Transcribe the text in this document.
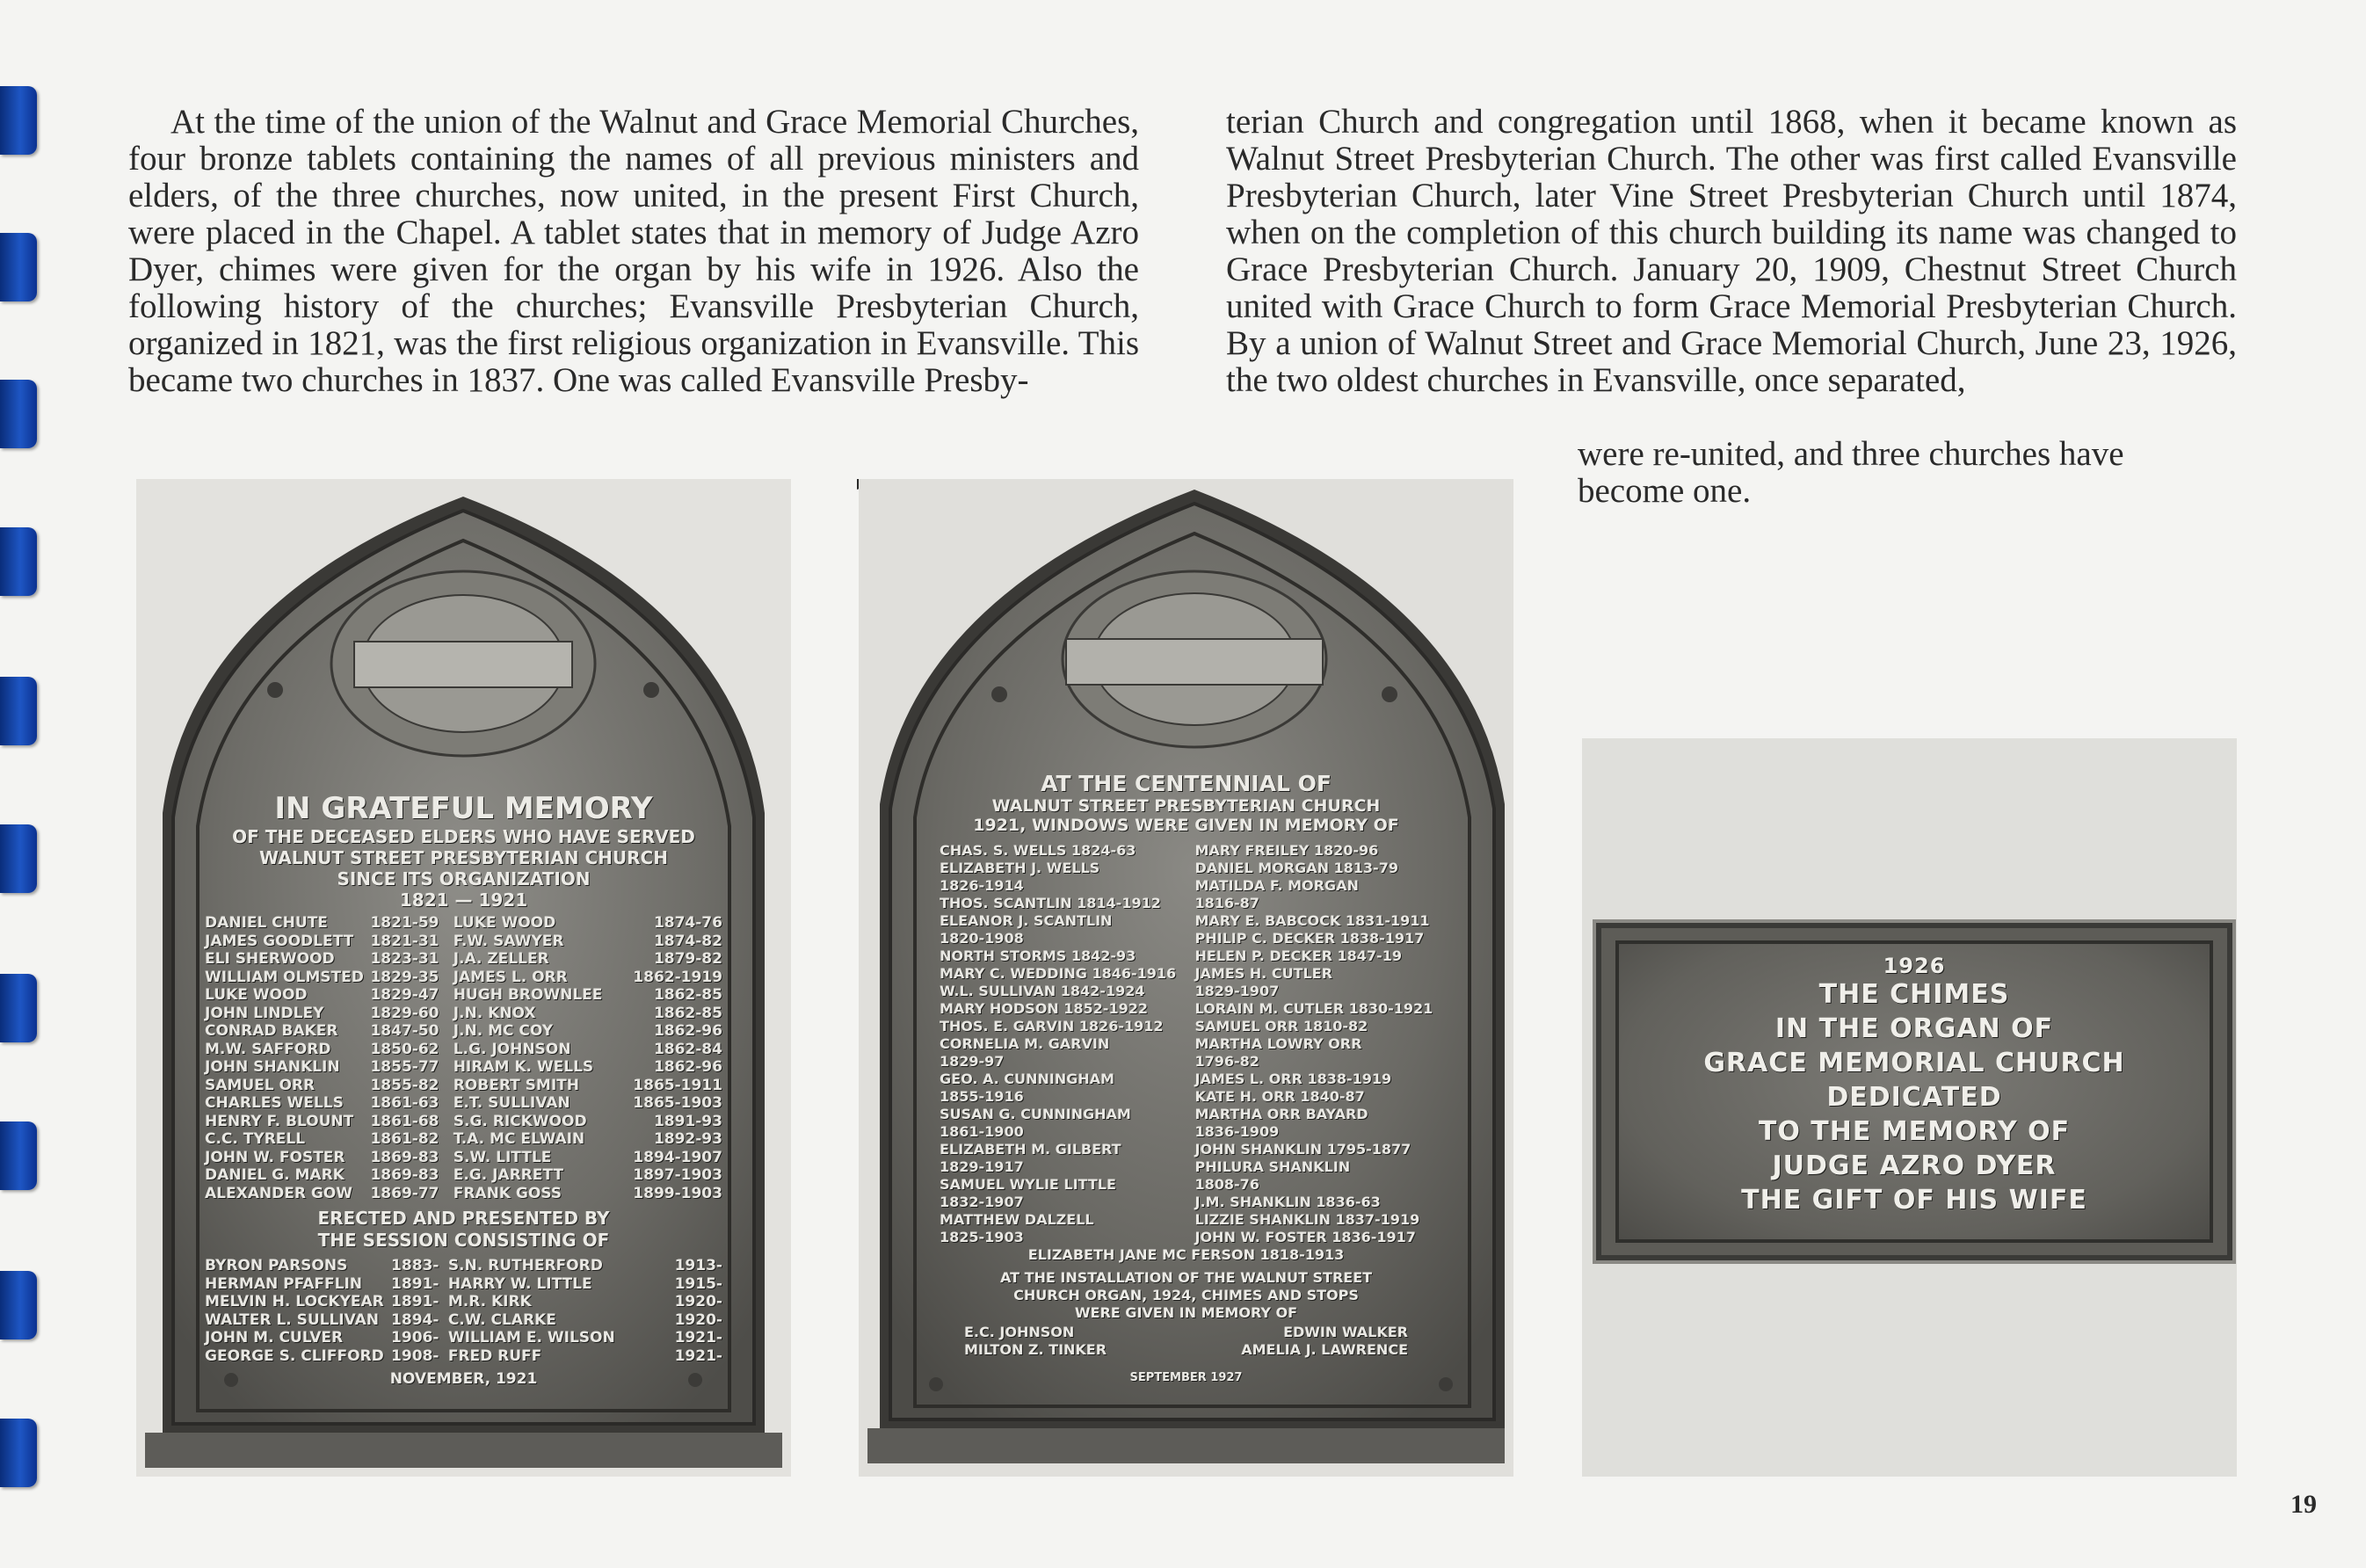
At the time of the union of the Walnut and Grace Memorial Churches, four bronze tablets containing the names of all previous ministers and elders, of the three churches, now united, in the present First Church, were placed in the Chapel. A tablet states that in memory of Judge Azro Dyer, chimes were given for the organ by his wife in 1926. Also the following history of the churches; Evansville Presbyterian Church, organized in 1821, was the first religious organization in Evansville. This became two churches in 1837. One was called Evansville Presby-

terian Church and congregation until 1868, when it became known as Walnut Street Presbyterian Church. The other was first called Evansville Presbyterian Church, later Vine Street Presbyterian Church until 1874, when on the completion of this church building its name was changed to Grace Presbyterian Church. January 20, 1909, Chestnut Street Church united with Grace Church to form Grace Memorial Presbyterian Church. By a union of Walnut Street and Grace Memorial Church, June 23, 1926, the two oldest churches in Evansville, once separated,

were re-united, and three churches have become one.

IN GRATEFUL MEMORY
OF THE DECEASED ELDERS WHO HAVE SERVED
WALNUT STREET PRESBYTERIAN CHURCH
SINCE ITS ORGANIZATION
1821 — 1921
DANIEL CHUTE	1821-59 LUKE WOOD	1874-76
JAMES GOODLETT	1821-31 F.W. SAWYER	1874-82
ELI SHERWOOD	1823-31 J.A. ZELLER	1879-82
WILLIAM OLMSTED 1829-35 JAMES L. ORR	1862-1919
LUKE WOOD	1829-47 HUGH BROWNLEE	1862-85
JOHN LINDLEY	1829-60 J.N. KNOX	1862-85
CONRAD BAKER	1847-50 J.N. MC COY	1862-96
M.W. SAFFORD	1850-62 L.G. JOHNSON	1862-84
JOHN SHANKLIN	1855-77 HIRAM K. WELLS	1862-96
SAMUEL ORR	1855-82 ROBERT SMITH	1865-1911
CHARLES WELLS	1861-63 E.T. SULLIVAN	1865-1903
HENRY F. BLOUNT	1861-68 S.G. RICKWOOD	1891-93
C.C. TYRELL	1861-82 T.A. MC ELWAIN	1892-93
JOHN W. FOSTER	1869-83 S.W. LITTLE	1894-1907
DANIEL G. MARK	1869-83 E.G. JARRETT	1897-1903
ALEXANDER GOW	1869-77 FRANK GOSS	1899-1903
ERECTED AND PRESENTED BY
THE SESSION CONSISTING OF
BYRON PARSONS	1883- S.N. RUTHERFORD	1913-
HERMAN PFAFFLIN	1891- HARRY W. LITTLE	1915-
MELVIN H. LOCKYEAR 1891- M.R. KIRK	1920-
WALTER L. SULLIVAN 1894- C.W. CLARKE	1920-
JOHN M. CULVER	1906- WILLIAM E. WILSON	1921-
GEORGE S. CLIFFORD 1908- FRED RUFF	1921-
NOVEMBER, 1921
AT THE CENTENNIAL OF
WALNUT STREET PRESBYTERIAN CHURCH
1921, WINDOWS WERE GIVEN IN MEMORY OF
CHAS. S. WELLS 1824-63	MARY FREILEY 1820-96
ELIZABETH J. WELLS	DANIEL MORGAN 1813-79
1826-1914	MATILDA F. MORGAN
THOS. SCANTLIN 1814-1912	1816-87
ELEANOR J. SCANTLIN	MARY E. BABCOCK 1831-1911
1820-1908	PHILIP C. DECKER 1838-1917
NORTH STORMS 1842-93	HELEN P. DECKER 1847-19
MARY C. WEDDING 1846-1916	JAMES H. CUTLER
W.L. SULLIVAN 1842-1924	1829-1907
MARY HODSON 1852-1922	LORAIN M. CUTLER 1830-1921
THOS. E. GARVIN 1826-1912	SAMUEL ORR 1810-82
CORNELIA M. GARVIN	MARTHA LOWRY ORR
1829-97	1796-82
GEO. A. CUNNINGHAM	JAMES L. ORR 1838-1919
1855-1916	KATE H. ORR 1840-87
SUSAN G. CUNNINGHAM	MARTHA ORR BAYARD
1861-1900	1836-1909
ELIZABETH M. GILBERT	JOHN SHANKLIN 1795-1877
1829-1917	PHILURA SHANKLIN
SAMUEL WYLIE LITTLE	1808-76
1832-1907	J.M. SHANKLIN 1836-63
MATTHEW DALZELL	LIZZIE SHANKLIN 1837-1919
1825-1903	JOHN W. FOSTER 1836-1917
ELIZABETH JANE MC FERSON 1818-1913
AT THE INSTALLATION OF THE WALNUT STREET
CHURCH ORGAN, 1924, CHIMES AND STOPS
WERE GIVEN IN MEMORY OF
E.C. JOHNSON	EDWIN WALKER
MILTON Z. TINKER	AMELIA J. LAWRENCE
SEPTEMBER 1927
1926
THE CHIMES
IN THE ORGAN OF
GRACE MEMORIAL CHURCH
DEDICATED
TO THE MEMORY OF
JUDGE AZRO DYER
THE GIFT OF HIS WIFE
19
